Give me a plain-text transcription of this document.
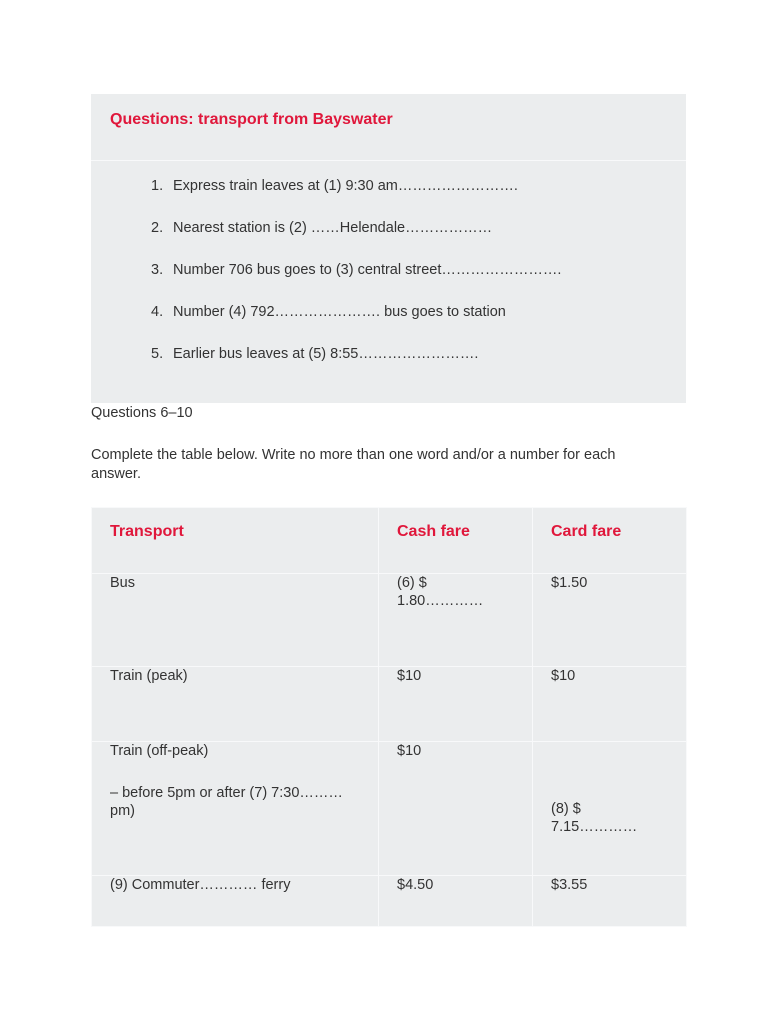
Questions: transport from Bayswater
1. Express train leaves at (1) 9:30 am…………………….
2. Nearest station is (2) ……Helendale………………
3. Number 706 bus goes to (3) central street…………………….
4. Number (4) 792…………………. bus goes to station
5. Earlier bus leaves at (5) 8:55…………………….
Questions 6–10
Complete the table below. Write no more than one word and/or a number for each answer.
Transport	Cash fare	Card fare
Bus	(6) $ 1.80…………	$1.50
Train (peak)	$10	$10

Train (off-peak)
– before 5pm or after (7) 7:30……… pm)	$10	(8) $ 7.15…………
(9) Commuter………… ferry	$4.50	$3.55
